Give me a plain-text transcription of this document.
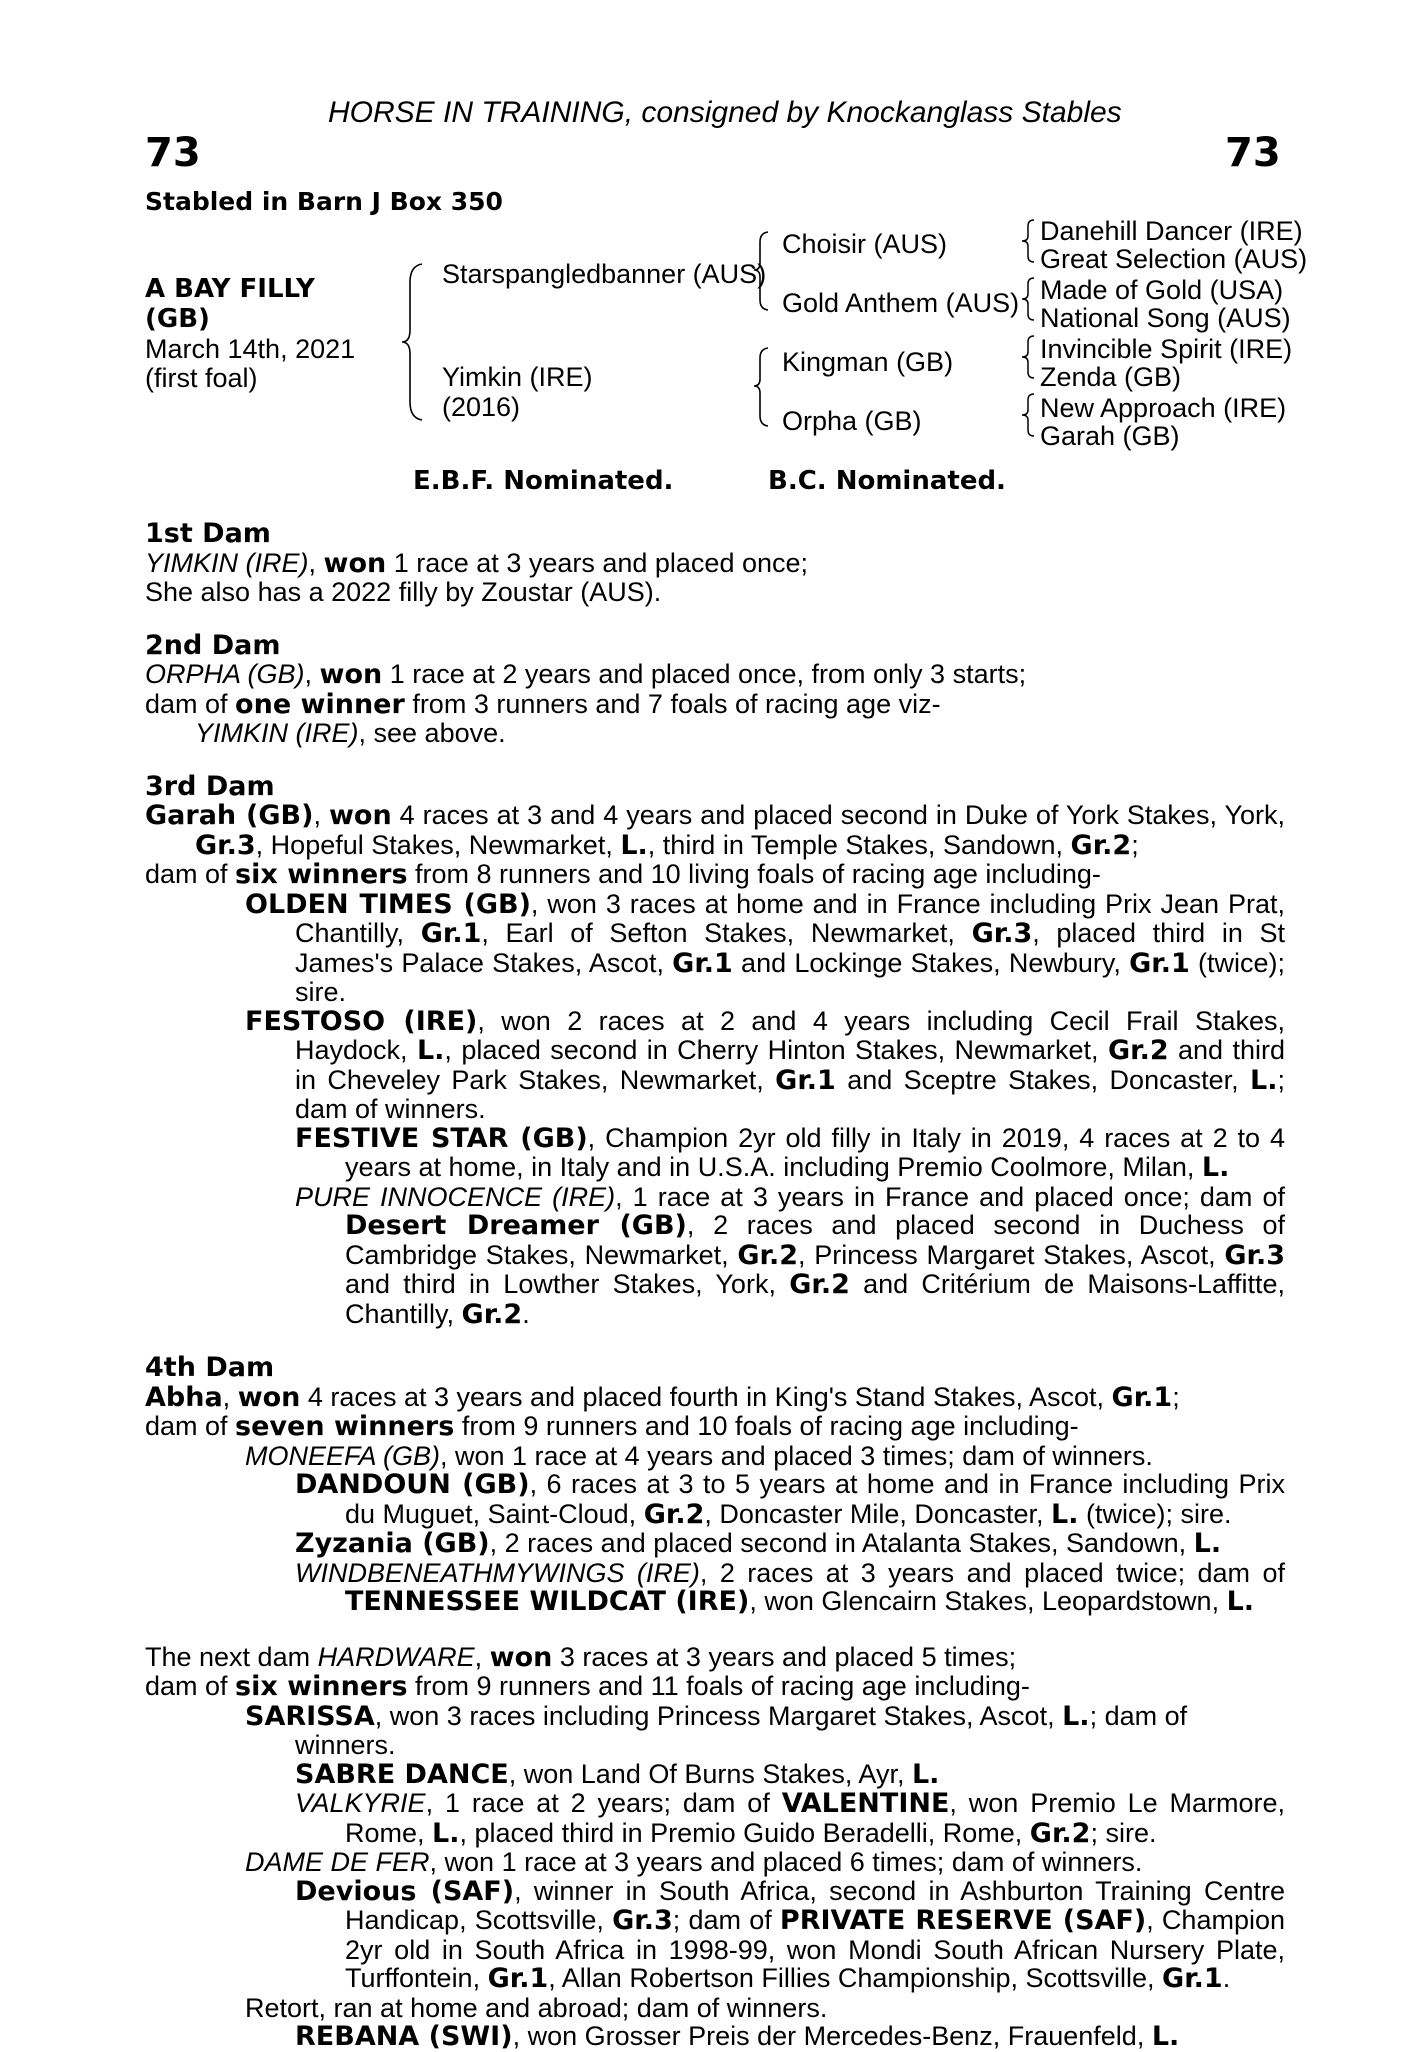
HORSE IN TRAINING, consigned by Knockanglass Stables
73	73
Stabled in Barn J Box 350
A BAY FILLY
(GB)
March 14th, 2021
(first foal)
Starspangledbanner (AUS)
Yimkin (IRE)
(2016)
Choisir (AUS)
Gold Anthem (AUS)
Kingman (GB)
Orpha (GB)
Danehill Dancer (IRE)
Great Selection (AUS)
Made of Gold (USA)
National Song (AUS)
Invincible Spirit (IRE)
Zenda (GB)
New Approach (IRE)
Garah (GB)
E.B.F. Nominated.	B.C. Nominated.

1st Dam

YIMKIN (IRE), won 1 race at 3 years and placed once;

She also has a 2022 filly by Zoustar (AUS).

2nd Dam

ORPHA (GB), won 1 race at 2 years and placed once, from only 3 starts;

dam of one winner from 3 runners and 7 foals of racing age viz-

YIMKIN (IRE), see above.

3rd Dam

Garah (GB), won 4 races at 3 and 4 years and placed second in Duke of York Stakes, York, Gr.3, Hopeful Stakes, Newmarket, L., third in Temple Stakes, Sandown, Gr.2;

dam of six winners from 8 runners and 10 living foals of racing age including-

OLDEN TIMES (GB), won 3 races at home and in France including Prix Jean Prat, Chantilly, Gr.1, Earl of Sefton Stakes, Newmarket, Gr.3, placed third in St James's Palace Stakes, Ascot, Gr.1 and Lockinge Stakes, Newbury, Gr.1 (twice); sire.

FESTOSO (IRE), won 2 races at 2 and 4 years including Cecil Frail Stakes, Haydock, L., placed second in Cherry Hinton Stakes, Newmarket, Gr.2 and third in Cheveley Park Stakes, Newmarket, Gr.1 and Sceptre Stakes, Doncaster, L.; dam of winners.

FESTIVE STAR (GB), Champion 2yr old filly in Italy in 2019, 4 races at 2 to 4 years at home, in Italy and in U.S.A. including Premio Coolmore, Milan, L.

PURE INNOCENCE (IRE), 1 race at 3 years in France and placed once; dam of Desert Dreamer (GB), 2 races and placed second in Duchess of Cambridge Stakes, Newmarket, Gr.2, Princess Margaret Stakes, Ascot, Gr.3 and third in Lowther Stakes, York, Gr.2 and Critérium de Maisons-Laffitte, Chantilly, Gr.2.

4th Dam

Abha, won 4 races at 3 years and placed fourth in King's Stand Stakes, Ascot, Gr.1;

dam of seven winners from 9 runners and 10 foals of racing age including-

MONEEFA (GB), won 1 race at 4 years and placed 3 times; dam of winners.

DANDOUN (GB), 6 races at 3 to 5 years at home and in France including Prix du Muguet, Saint-Cloud, Gr.2, Doncaster Mile, Doncaster, L. (twice); sire.

Zyzania (GB), 2 races and placed second in Atalanta Stakes, Sandown, L.

WINDBENEATHMYWINGS (IRE), 2 races at 3 years and placed twice; dam of TENNESSEE WILDCAT (IRE), won Glencairn Stakes, Leopardstown, L.

The next dam HARDWARE, won 3 races at 3 years and placed 5 times;

dam of six winners from 9 runners and 11 foals of racing age including-

SARISSA, won 3 races including Princess Margaret Stakes, Ascot, L.; dam of winners.

SABRE DANCE, won Land Of Burns Stakes, Ayr, L.

VALKYRIE, 1 race at 2 years; dam of VALENTINE, won Premio Le Marmore, Rome, L., placed third in Premio Guido Beradelli, Rome, Gr.2; sire.

DAME DE FER, won 1 race at 3 years and placed 6 times; dam of winners.

Devious (SAF), winner in South Africa, second in Ashburton Training Centre Handicap, Scottsville, Gr.3; dam of PRIVATE RESERVE (SAF), Champion 2yr old in South Africa in 1998-99, won Mondi South African Nursery Plate, Turffontein, Gr.1, Allan Robertson Fillies Championship, Scottsville, Gr.1.

Retort, ran at home and abroad; dam of winners.

REBANA (SWI), won Grosser Preis der Mercedes-Benz, Frauenfeld, L.
